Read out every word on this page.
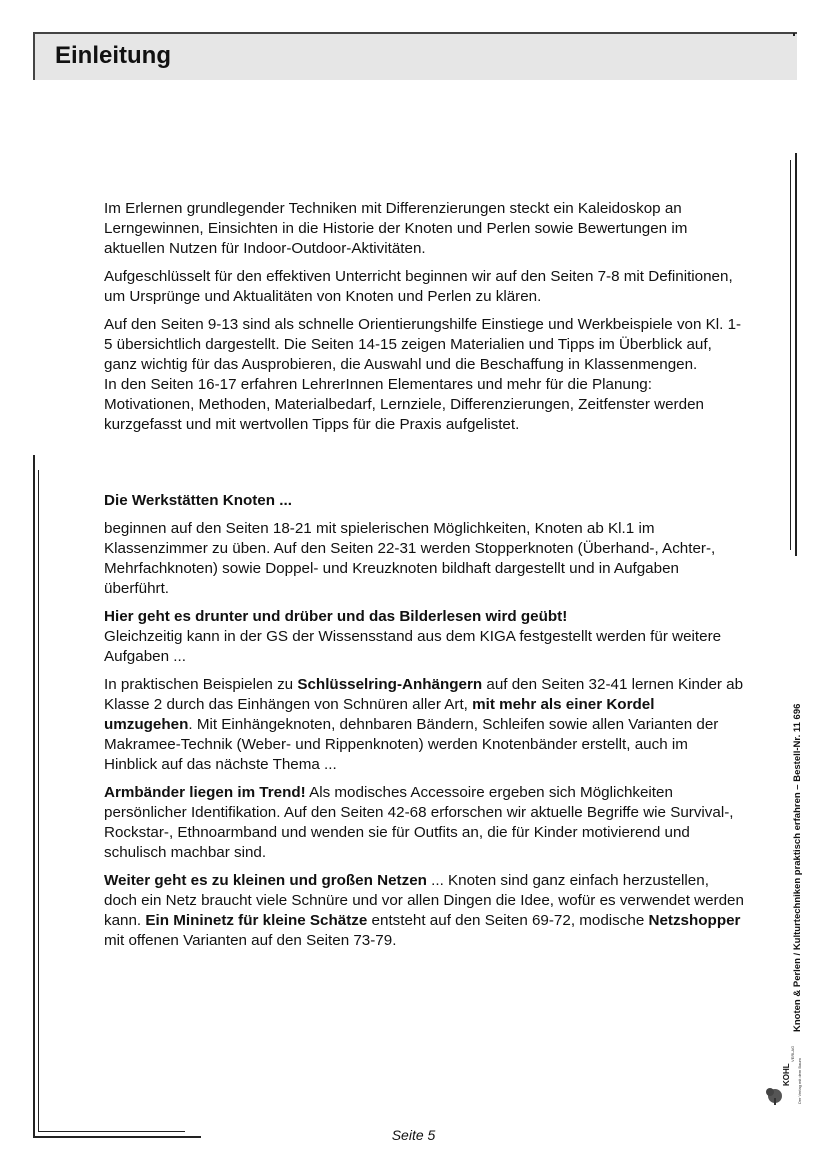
Einleitung

Im Erlernen grundlegender Techniken mit Differenzierungen steckt ein Kaleidoskop an Lerngewinnen, Einsichten in die Historie der Knoten und Perlen sowie Bewertungen im aktuellen Nutzen für Indoor-Outdoor-Aktivitäten.

Aufgeschlüsselt für den effektiven Unterricht beginnen wir auf den Seiten 7-8 mit Definitionen, um Ursprünge und Aktualitäten von Knoten und Perlen zu klären.

Auf den Seiten 9-13 sind als schnelle Orientierungshilfe Einstiege und Werkbeispiele von Kl. 1-5 übersichtlich dargestellt. Die Seiten 14-15 zeigen Materialien und Tipps im Überblick auf, ganz wichtig für das Ausprobieren, die Auswahl und die Beschaffung in Klassenmengen.
In den Seiten 16-17 erfahren LehrerInnen Elementares und mehr für die Planung: Motivationen, Methoden, Materialbedarf, Lernziele, Differenzierungen, Zeitfenster werden kurzgefasst und mit wertvollen Tipps für die Praxis aufgelistet.

Die Werkstätten Knoten ...

beginnen auf den Seiten 18-21 mit spielerischen Möglichkeiten, Knoten ab Kl.1 im Klassenzimmer zu üben. Auf den Seiten 22-31 werden Stopperknoten (Überhand-, Achter-, Mehrfachknoten) sowie Doppel- und Kreuzknoten bildhaft dargestellt und in Aufgaben überführt.

Hier geht es drunter und drüber und das Bilderlesen wird geübt!
Gleichzeitig kann in der GS der Wissensstand aus dem KIGA festgestellt werden für weitere Aufgaben ...

In praktischen Beispielen zu Schlüsselring-Anhängern auf den Seiten 32-41 lernen Kinder ab Klasse 2 durch das Einhängen von Schnüren aller Art, mit mehr als einer Kordel umzugehen. Mit Einhängeknoten, dehnbaren Bändern, Schleifen sowie allen Varianten der Makramee-Technik (Weber- und Rippenknoten) werden Knotenbänder erstellt, auch im Hinblick auf das nächste Thema ...

Armbänder liegen im Trend! Als modisches Accessoire ergeben sich Möglichkeiten persönlicher Identifikation. Auf den Seiten 42-68 erforschen wir aktuelle Begriffe wie Survival-, Rockstar-, Ethnoarmband und wenden sie für Outfits an, die für Kinder motivierend und schulisch machbar sind.

Weiter geht es zu kleinen und großen Netzen ... Knoten sind ganz einfach herzustellen, doch ein Netz braucht viele Schnüre und vor allen Dingen die Idee, wofür es verwendet werden kann. Ein Mininetz für kleine Schätze entsteht auf den Seiten 69-72, modische Netzshopper mit offenen Varianten auf den Seiten 73-79.	Knoten & Perlen / Kulturtechniken praktisch erfahren – Bestell-Nr. 11 696
KOHL
VERLAG
Der Verlag mit dem Baum
Seite 5
